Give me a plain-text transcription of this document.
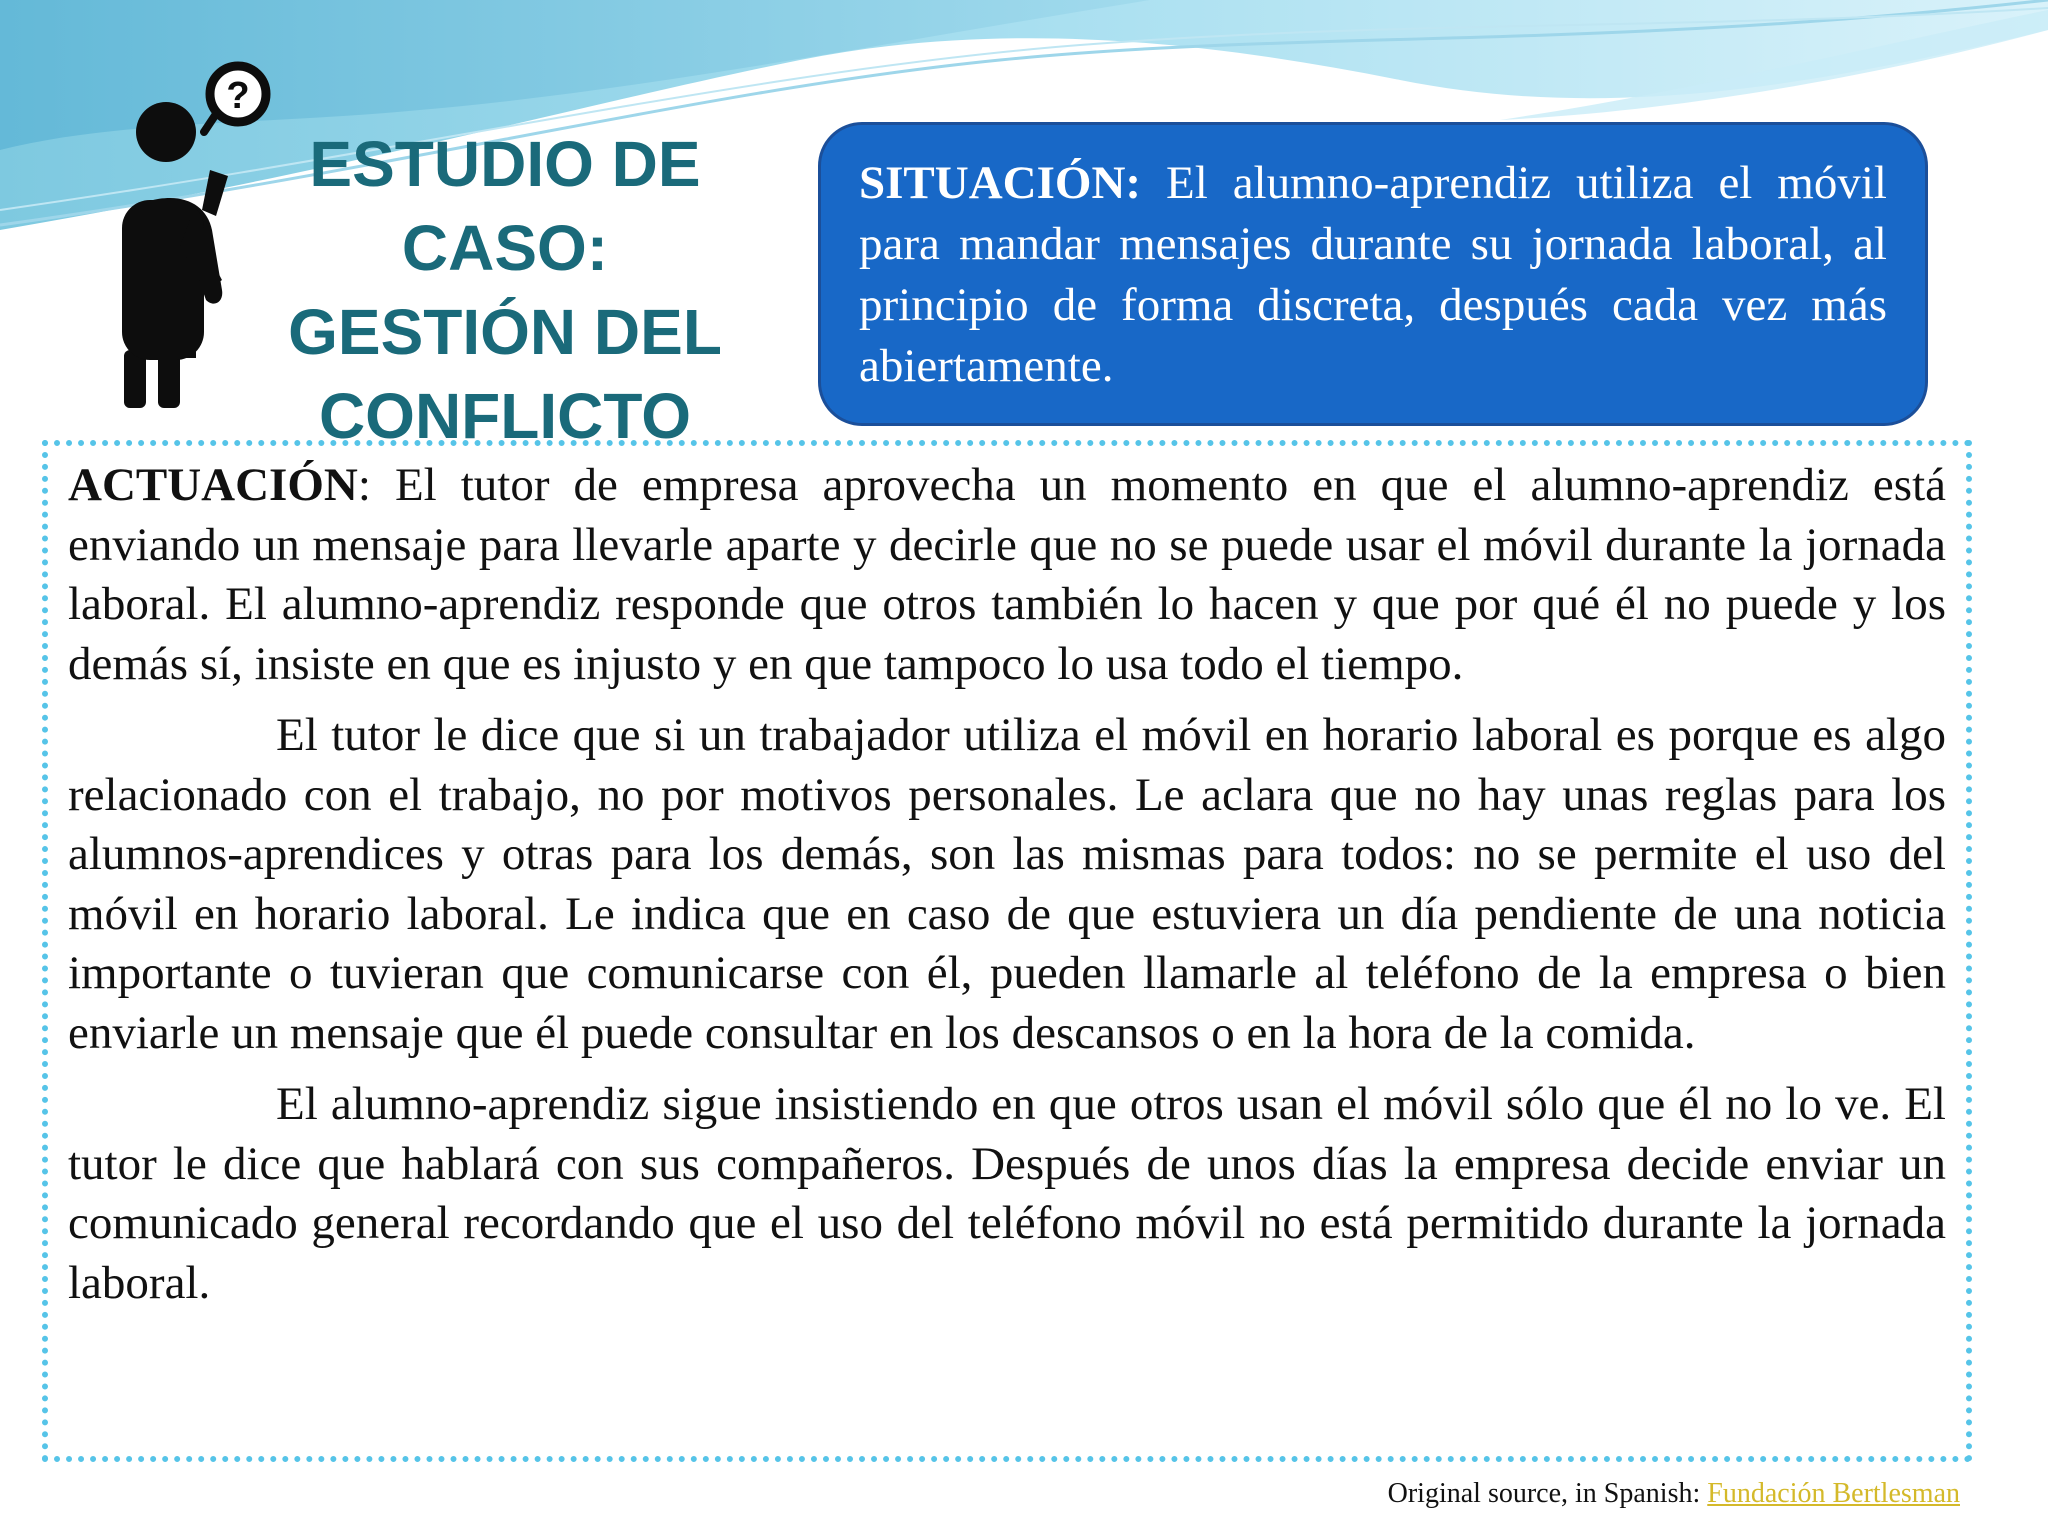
?
ESTUDIO DE CASO:
GESTIÓN DEL
CONFLICTO
SITUACIÓN: El alumno-aprendiz utiliza el móvil para mandar mensajes durante su jornada laboral, al principio de forma discreta, después cada vez más abiertamente.

ACTUACIÓN: El tutor de empresa aprovecha un momento en que el alumno-aprendiz está enviando un mensaje para llevarle aparte y decirle que no se puede usar el móvil durante la jornada laboral. El alumno-aprendiz responde que otros también lo hacen y que por qué él no puede y los demás sí, insiste en que es injusto y en que tampoco lo usa todo el tiempo.

El tutor le dice que si un trabajador utiliza el móvil en horario laboral es porque es algo relacionado con el trabajo, no por motivos personales. Le aclara que no hay unas reglas para los alumnos-aprendices y otras para los demás, son las mismas para todos: no se permite el uso del móvil en horario laboral. Le indica que en caso de que estuviera un día pendiente de una noticia importante o tuvieran que comunicarse con él, pueden llamarle al teléfono de la empresa o bien enviarle un mensaje que él puede consultar en los descansos o en la hora de la comida.

El alumno-aprendiz sigue insistiendo en que otros usan el móvil sólo que él no lo ve. El tutor le dice que hablará con sus compañeros. Después de unos días la empresa decide enviar un comunicado general recordando que el uso del teléfono móvil no está permitido durante la jornada laboral.

Original source, in Spanish: Fundación Bertlesman
